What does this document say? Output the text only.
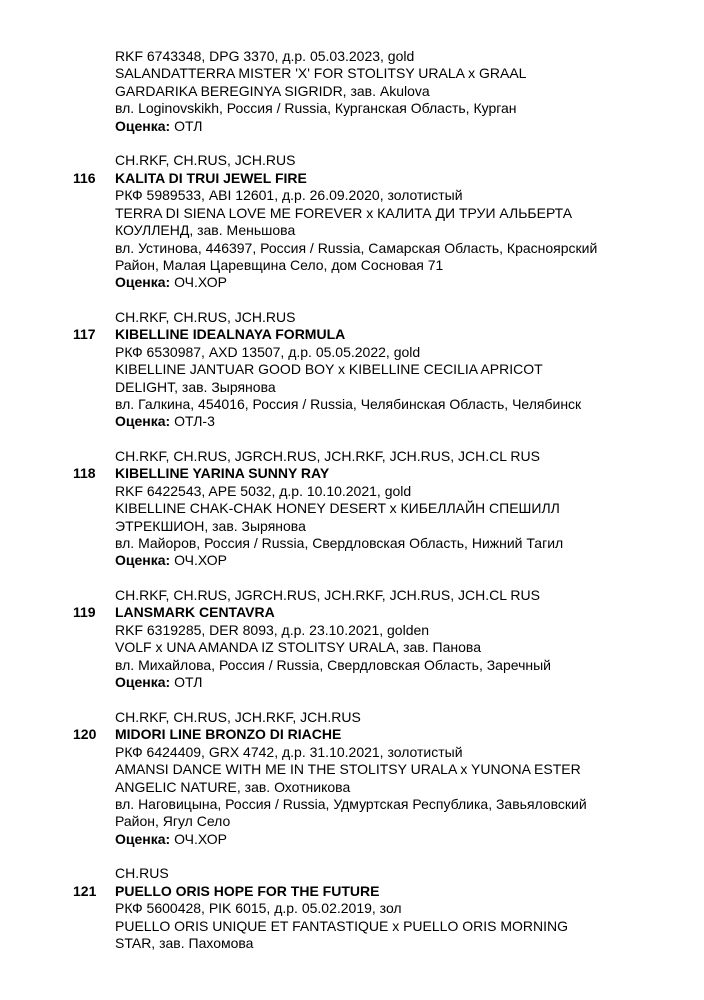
RKF 6743348, DPG 3370, д.р. 05.03.2023, gold
SALANDATTERRA MISTER 'X' FOR STOLITSY URALA x GRAAL
GARDARIKA BEREGINYA SIGRIDR, зав. Akulova
вл. Loginovskikh, Россия / Russia, Курганская Область, Курган
Оценка: ОТЛ
CH.RKF, CH.RUS, JCH.RUS
116 KALITA DI TRUI JEWEL FIRE
РКФ 5989533, ABI 12601, д.р. 26.09.2020, золотистый
TERRA DI SIENA LOVE ME FOREVER x КАЛИТА ДИ ТРУИ АЛЬБЕРТА
КОУЛЛЕНД, зав. Меньшова
вл. Устинова, 446397, Россия / Russia, Самарская Область, Красноярский
Район, Малая Царевщина Село, дом Сосновая 71
Оценка: ОЧ.ХОР
CH.RKF, CH.RUS, JCH.RUS
117 KIBELLINE IDEALNAYA FORMULA
РКФ 6530987, AXD 13507, д.р. 05.05.2022, gold
KIBELLINE JANTUAR GOOD BOY x KIBELLINE CECILIA APRICOT
DELIGHT, зав. Зырянова
вл. Галкина, 454016, Россия / Russia, Челябинская Область, Челябинск
Оценка: ОТЛ-3
CH.RKF, CH.RUS, JGRCH.RUS, JCH.RKF, JCH.RUS, JCH.CL RUS
118 KIBELLINE YARINA SUNNY RAY
RKF 6422543, APE 5032, д.р. 10.10.2021, gold
KIBELLINE CHAK-CHAK HONEY DESERT x КИБЕЛЛАЙН СПЕШИЛЛ
ЭТРЕКШИОН, зав. Зырянова
вл. Майоров, Россия / Russia, Свердловская Область, Нижний Тагил
Оценка: ОЧ.ХОР
CH.RKF, CH.RUS, JGRCH.RUS, JCH.RKF, JCH.RUS, JCH.CL RUS
119 LANSMARK CENTAVRA
RKF 6319285, DER 8093, д.р. 23.10.2021, golden
VOLF x UNA AMANDA IZ STOLITSY URALA, зав. Панова
вл. Михайлова, Россия / Russia, Свердловская Область, Заречный
Оценка: ОТЛ
CH.RKF, CH.RUS, JCH.RKF, JCH.RUS
120 MIDORI LINE BRONZO DI RIACHE
РКФ 6424409, GRX 4742, д.р. 31.10.2021, золотистый
AMANSI DANCE WITH ME IN THE STOLITSY URALA x YUNONA ESTER
ANGELIC NATURE, зав. Охотникова
вл. Наговицына, Россия / Russia, Удмуртская Республика, Завьяловский
Район, Ягул Село
Оценка: ОЧ.ХОР
CH.RUS
121 PUELLO ORIS HOPE FOR THE FUTURE
РКФ 5600428, PIK 6015, д.р. 05.02.2019, зол
PUELLO ORIS UNIQUE ET FANTASTIQUE x PUELLO ORIS MORNING
STAR, зав. Пахомова
